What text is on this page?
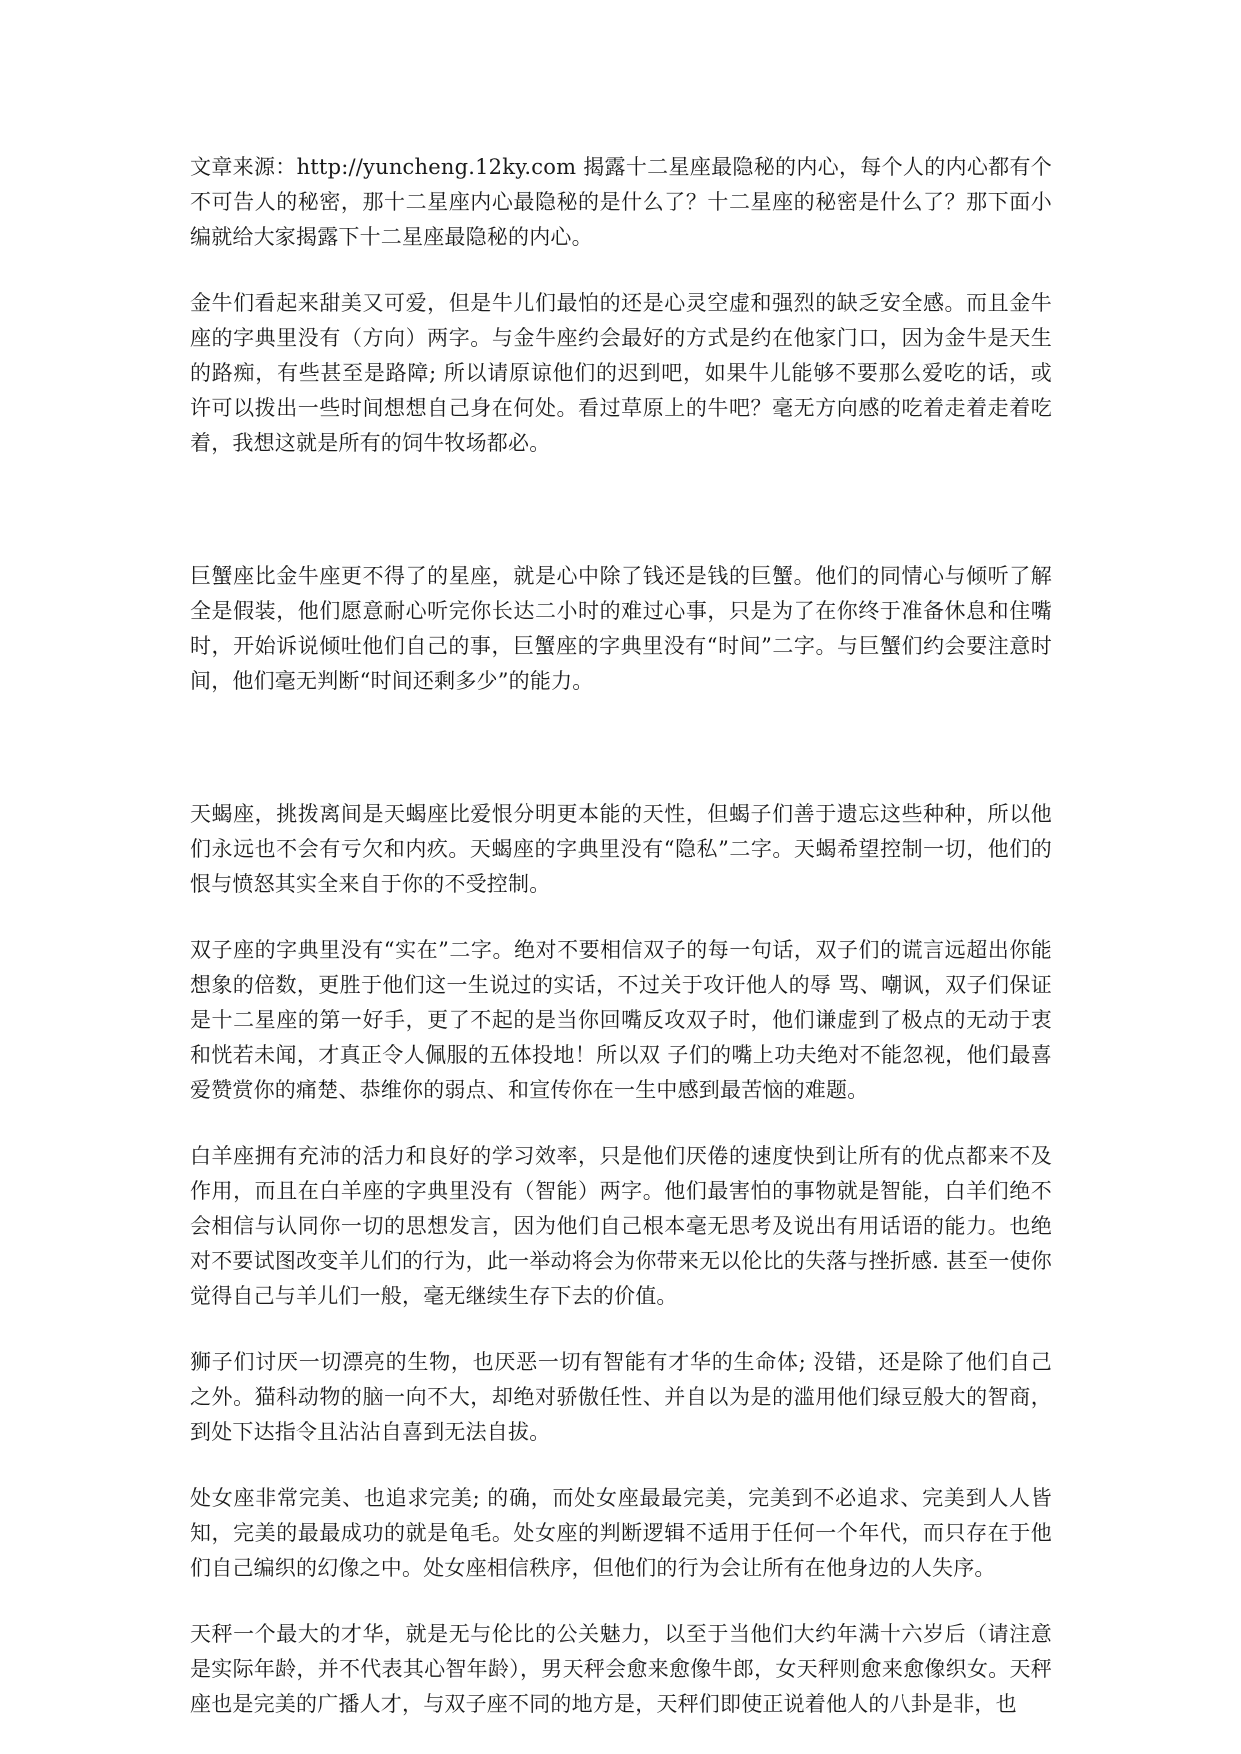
文章来源：http://yuncheng.12ky.com 揭露十二星座最隐秘的内心，每个人的内心都有个不可告人的秘密，那十二星座内心最隐秘的是什么了？十二星座的秘密是什么了？那下面小编就给大家揭露下十二星座最隐秘的内心。

金牛们看起来甜美又可爱，但是牛儿们最怕的还是心灵空虚和强烈的缺乏安全感。而且金牛座的字典里没有（方向）两字。与金牛座约会最好的方式是约在他家门口，因为金牛是天生的路痴，有些甚至是路障; 所以请原谅他们的迟到吧，如果牛儿能够不要那么爱吃的话，或许可以拨出一些时间想想自己身在何处。看过草原上的牛吧？毫无方向感的吃着走着走着吃着，我想这就是所有的饲牛牧场都必。

巨蟹座比金牛座更不得了的星座，就是心中除了钱还是钱的巨蟹。他们的同情心与倾听了解全是假装，他们愿意耐心听完你长达二小时的难过心事，只是为了在你终于准备休息和住嘴时，开始诉说倾吐他们自己的事，巨蟹座的字典里没有“时间”二字。与巨蟹们约会要注意时间，他们毫无判断“时间还剩多少”的能力。

天蝎座，挑拨离间是天蝎座比爱恨分明更本能的天性，但蝎子们善于遗忘这些种种，所以他们永远也不会有亏欠和内疚。天蝎座的字典里没有“隐私”二字。天蝎希望控制一切，他们的恨与愤怒其实全来自于你的不受控制。

双子座的字典里没有“实在”二字。绝对不要相信双子的每一句话，双子们的谎言远超出你能想象的倍数，更胜于他们这一生说过的实话，不过关于攻讦他人的辱 骂、嘲讽，双子们保证是十二星座的第一好手，更了不起的是当你回嘴反攻双子时，他们谦虚到了极点的无动于衷和恍若未闻，才真正令人佩服的五体投地！所以双 子们的嘴上功夫绝对不能忽视，他们最喜爱赞赏你的痛楚、恭维你的弱点、和宣传你在一生中感到最苦恼的难题。

白羊座拥有充沛的活力和良好的学习效率，只是他们厌倦的速度快到让所有的优点都来不及作用，而且在白羊座的字典里没有（智能）两字。他们最害怕的事物就是智能，白羊们绝不会相信与认同你一切的思想发言，因为他们自己根本毫无思考及说出有用话语的能力。也绝对不要试图改变羊儿们的行为，此一举动将会为你带来无以伦比的失落与挫折感. 甚至一使你觉得自己与羊儿们一般，毫无继续生存下去的价值。

狮子们讨厌一切漂亮的生物，也厌恶一切有智能有才华的生命体; 没错，还是除了他们自己之外。猫科动物的脑一向不大，却绝对骄傲任性、并自以为是的滥用他们绿豆般大的智商，到处下达指令且沾沾自喜到无法自拔。

处女座非常完美、也追求完美; 的确，而处女座最最完美，完美到不必追求、完美到人人皆知，完美的最最成功的就是龟毛。处女座的判断逻辑不适用于任何一个年代，而只存在于他们自己编织的幻像之中。处女座相信秩序，但他们的行为会让所有在他身边的人失序。

天秤一个最大的才华，就是无与伦比的公关魅力，以至于当他们大约年满十六岁后（请注意是实际年龄，并不代表其心智年龄），男天秤会愈来愈像牛郎，女天秤则愈来愈像织女。天秤座也是完美的广播人才，与双子座不同的地方是，天秤们即使正说着他人的八卦是非，也
